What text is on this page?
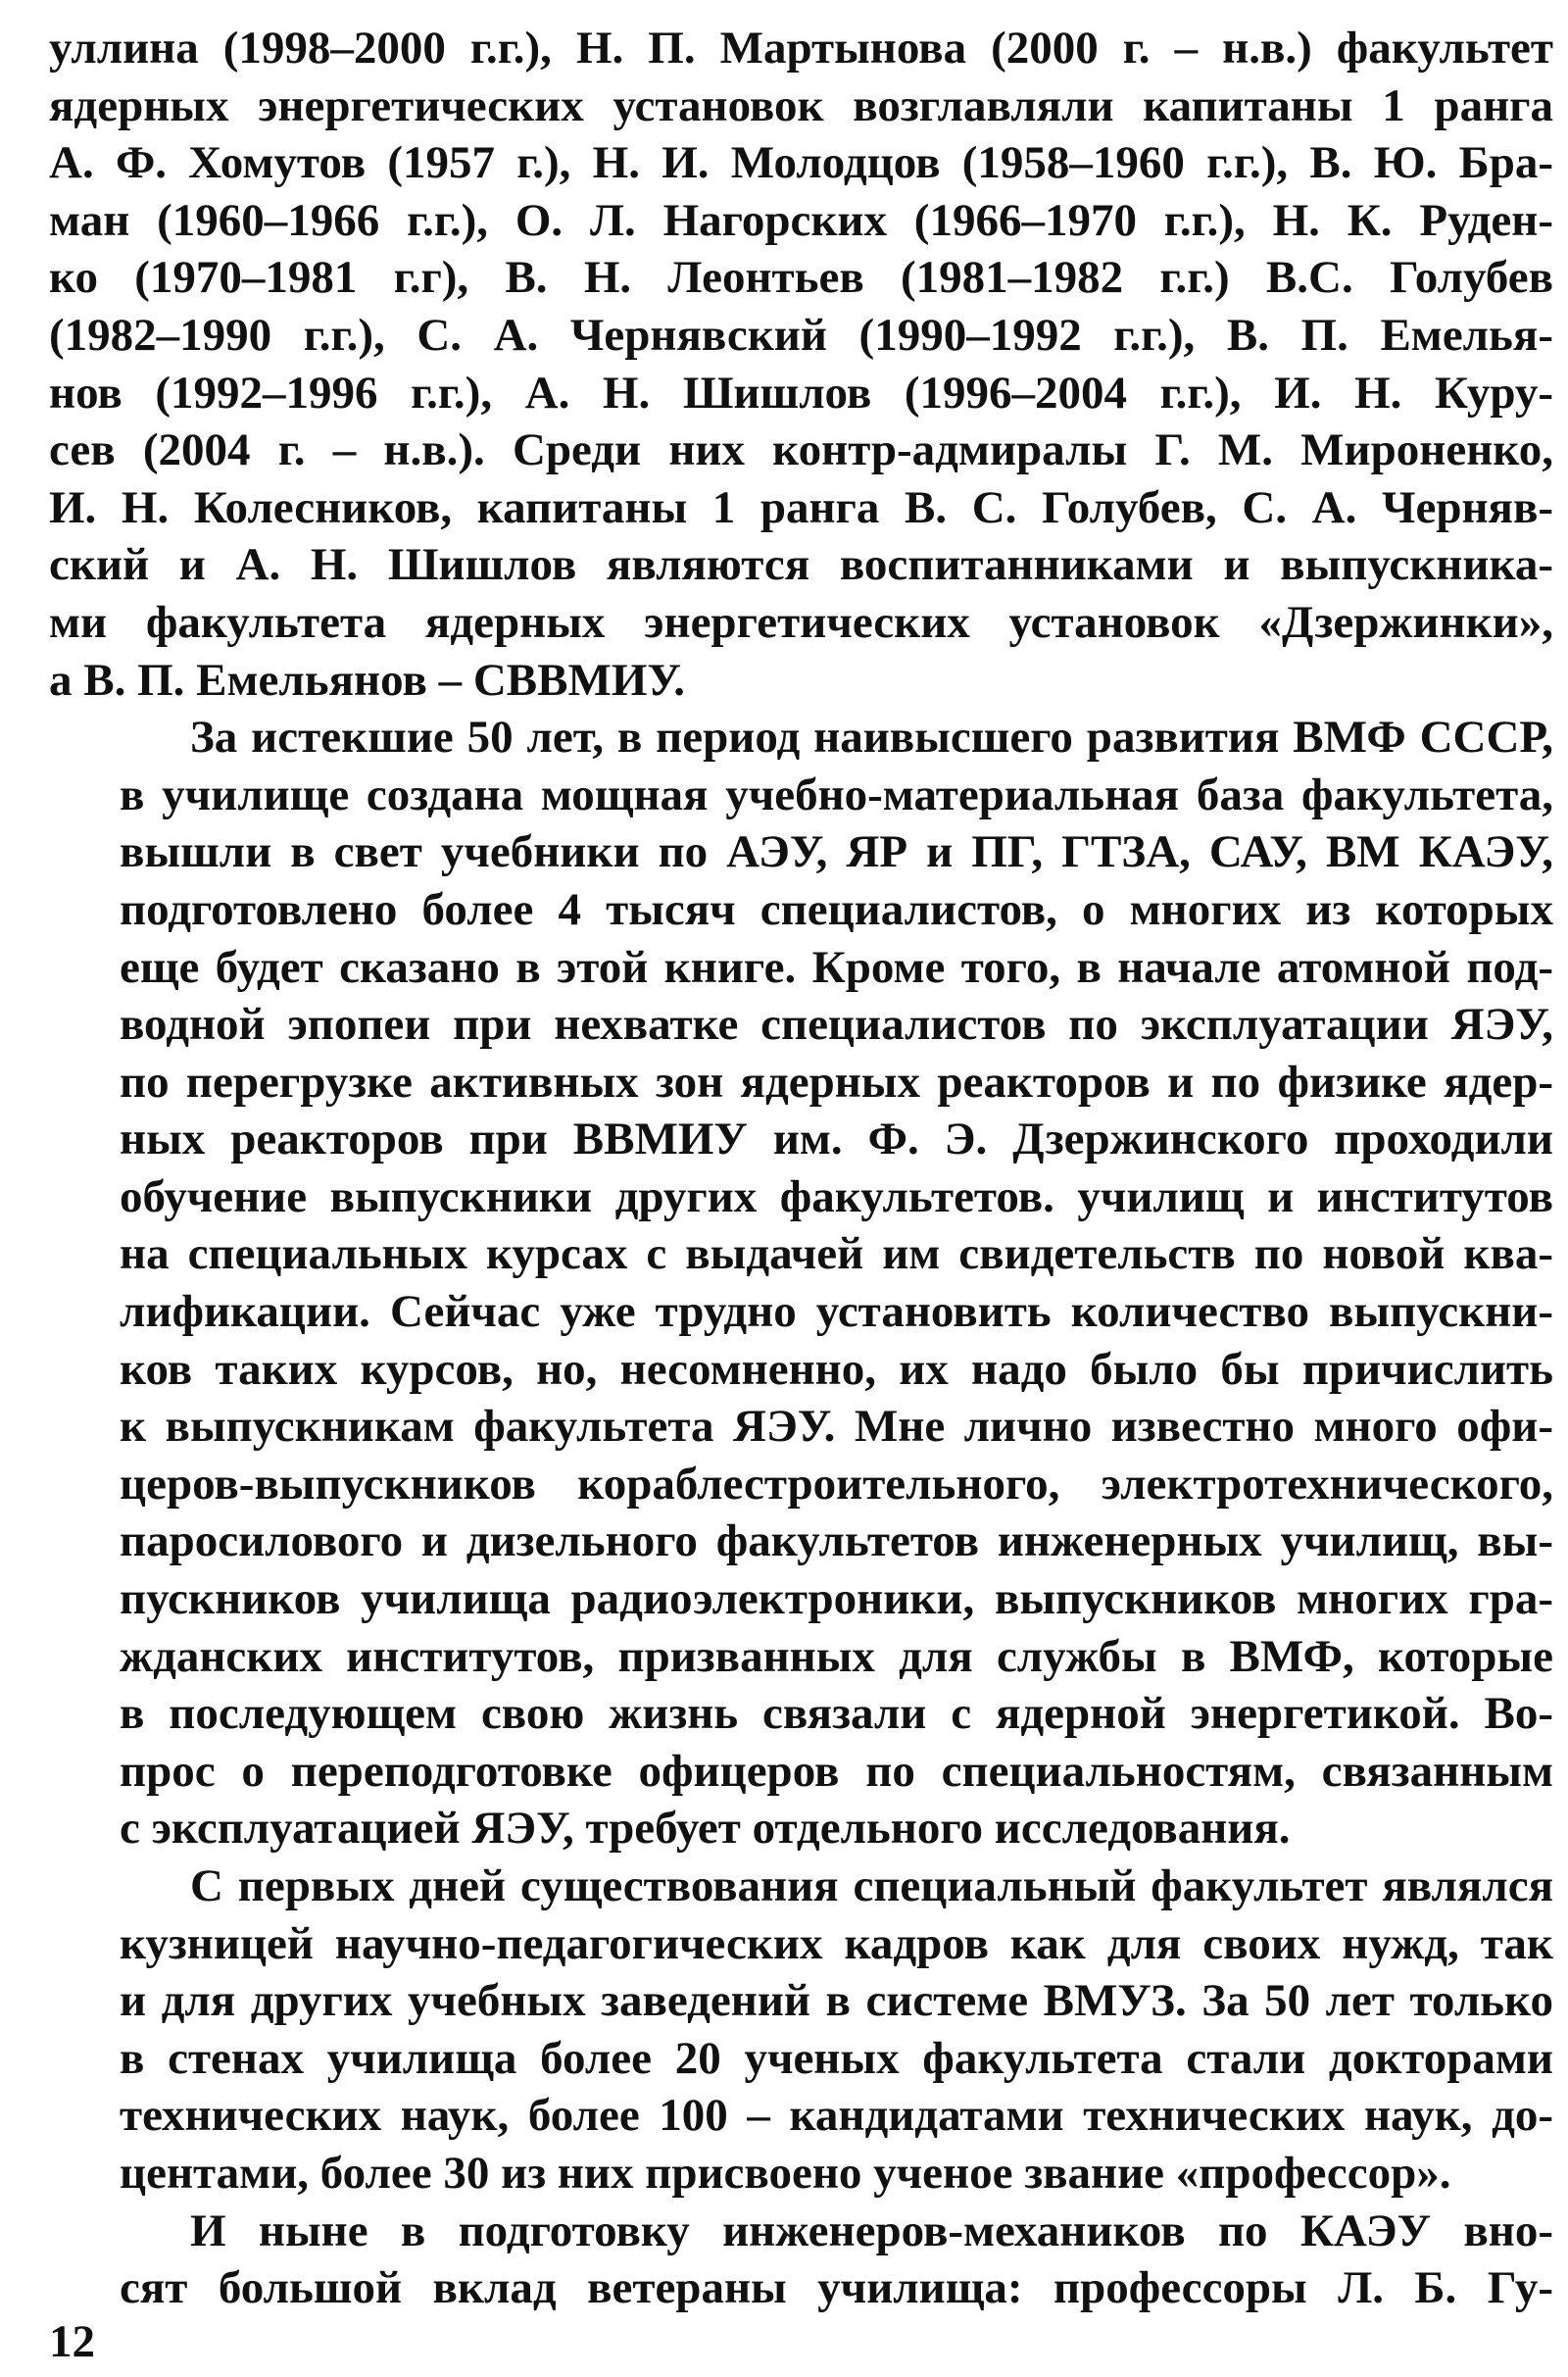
уллина (1998–2000 г.г.), Н. П. Мартынова (2000 г. – н.в.) факультет
ядерных энергетических установок возглавляли капитаны 1 ранга
А. Ф. Хомутов (1957 г.), Н. И. Молодцов (1958–1960 г.г.), В. Ю. Бра-
ман (1960–1966 г.г.), О. Л. Нагорских (1966–1970 г.г.), Н. К. Руден-
ко (1970–1981 г.г), В. Н. Леонтьев (1981–1982 г.г.) В.С. Голубев
(1982–1990 г.г.), С. А. Чернявский (1990–1992 г.г.), В. П. Емелья-
нов (1992–1996 г.г.), А. Н. Шишлов (1996–2004 г.г.), И. Н. Куру-
сев (2004 г. – н.в.). Среди них контр-адмиралы Г. М. Мироненко,
И. Н. Колесников, капитаны 1 ранга В. С. Голубев, С. А. Черняв-
ский и А. Н. Шишлов являются воспитанниками и выпускника-
ми факультета ядерных энергетических установок «Дзержинки»,
а В. П. Емельянов – СВВМИУ.
За истекшие 50 лет, в период наивысшего развития ВМФ СССР,
в училище создана мощная учебно-материальная база факультета,
вышли в свет учебники по АЭУ, ЯР и ПГ, ГТЗА, САУ, ВМ КАЭУ,
подготовлено более 4 тысяч специалистов, о многих из которых
еще будет сказано в этой книге. Кроме того, в начале атомной под-
водной эпопеи при нехватке специалистов по эксплуатации ЯЭУ,
по перегрузке активных зон ядерных реакторов и по физике ядер-
ных реакторов при ВВМИУ им. Ф. Э. Дзержинского проходили
обучение выпускники других факультетов. училищ и институтов
на специальных курсах с выдачей им свидетельств по новой ква-
лификации. Сейчас уже трудно установить количество выпускни-
ков таких курсов, но, несомненно, их надо было бы причислить
к выпускникам факультета ЯЭУ. Мне лично известно много офи-
церов-выпускников кораблестроительного, электротехнического,
паросилового и дизельного факультетов инженерных училищ, вы-
пускников училища радиоэлектроники, выпускников многих гра-
жданских институтов, призванных для службы в ВМФ, которые
в последующем свою жизнь связали с ядерной энергетикой. Во-
прос о переподготовке офицеров по специальностям, связанным
с эксплуатацией ЯЭУ, требует отдельного исследования.
С первых дней существования специальный факультет являлся
кузницей научно-педагогических кадров как для своих нужд, так
и для других учебных заведений в системе ВМУЗ. За 50 лет только
в стенах училища более 20 ученых факультета стали докторами
технических наук, более 100 – кандидатами технических наук, до-
центами, более 30 из них присвоено ученое звание «профессор».
И ныне в подготовку инженеров-механиков по КАЭУ вно-
сят большой вклад ветераны училища: профессоры Л. Б. Гу-
12
